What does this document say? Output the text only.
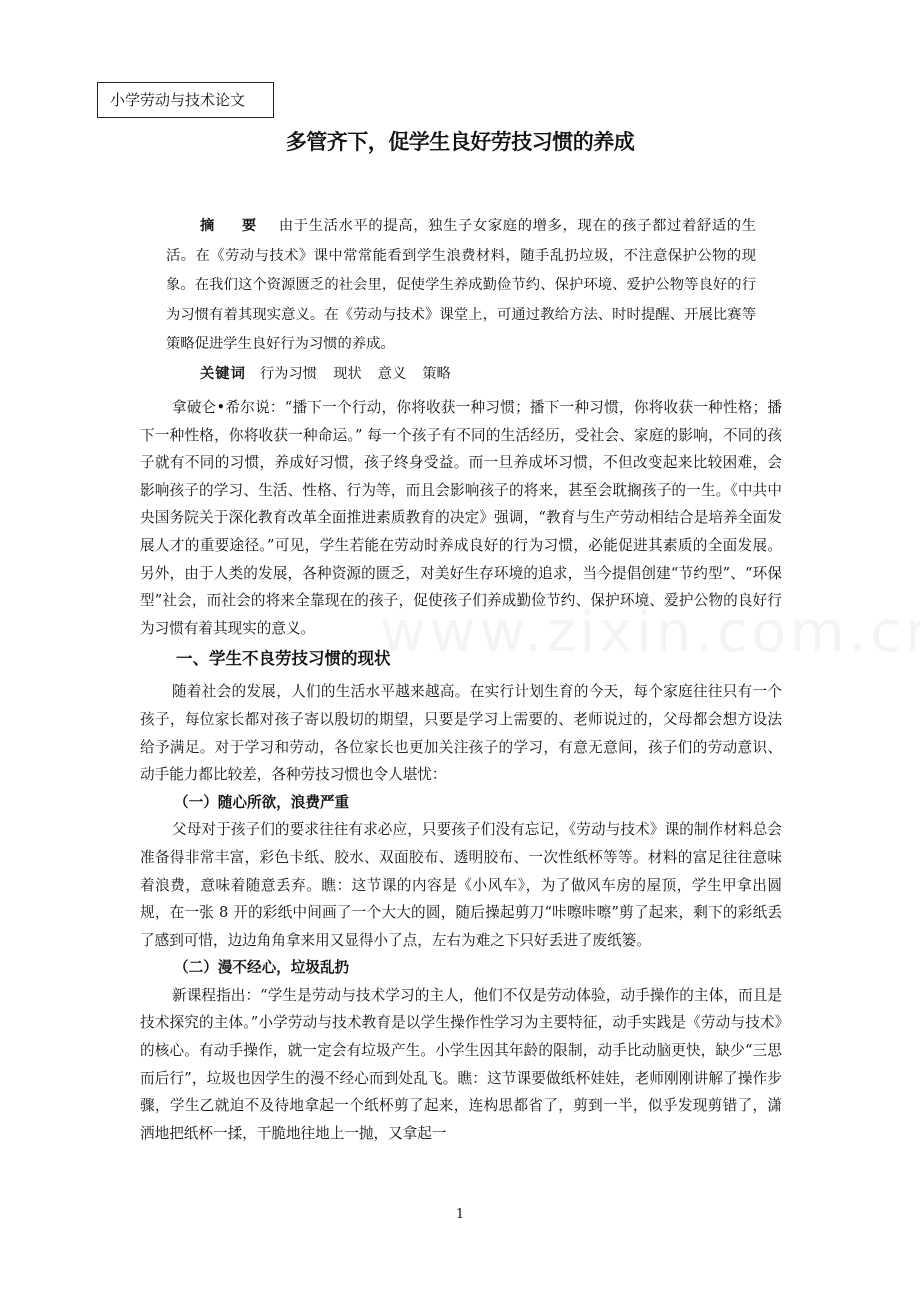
小学劳动与技术论文
多管齐下，促学生良好劳技习惯的养成

摘　要 由于生活水平的提高，独生子女家庭的增多，现在的孩子都过着舒适的生活。在《劳动与技术》课中常常能看到学生浪费材料，随手乱扔垃圾，不注意保护公物的现象。在我们这个资源匮乏的社会里，促使学生养成勤俭节约、保护环境、爱护公物等良好的行为习惯有着其现实意义。在《劳动与技术》课堂上，可通过教给方法、时时提醒、开展比赛等策略促进学生良好行为习惯的养成。

关键词 行为习惯 现状 意义 策略

拿破仑•希尔说：“播下一个行动，你将收获一种习惯；播下一种习惯，你将收获一种性格；播下一种性格，你将收获一种命运。” 每一个孩子有不同的生活经历，受社会、家庭的影响，不同的孩子就有不同的习惯，养成好习惯，孩子终身受益。而一旦养成坏习惯，不但改变起来比较困难，会影响孩子的学习、生活、性格、行为等，而且会影响孩子的将来，甚至会耽搁孩子的一生。《中共中央国务院关于深化教育改革全面推进素质教育的决定》强调，“教育与生产劳动相结合是培养全面发展人才的重要途径。”可见，学生若能在劳动时养成良好的行为习惯，必能促进其素质的全面发展。另外，由于人类的发展，各种资源的匮乏，对美好生存环境的追求，当今提倡创建“节约型”、“环保型”社会，而社会的将来全靠现在的孩子，促使孩子们养成勤俭节约、保护环境、爱护公物的良好行为习惯有着其现实的意义。

一、学生不良劳技习惯的现状

随着社会的发展，人们的生活水平越来越高。在实行计划生育的今天，每个家庭往往只有一个孩子，每位家长都对孩子寄以殷切的期望，只要是学习上需要的、老师说过的，父母都会想方设法给予满足。对于学习和劳动，各位家长也更加关注孩子的学习，有意无意间，孩子们的劳动意识、动手能力都比较差，各种劳技习惯也令人堪忧：

（一）随心所欲，浪费严重

父母对于孩子们的要求往往有求必应，只要孩子们没有忘记，《劳动与技术》课的制作材料总会准备得非常丰富，彩色卡纸、胶水、双面胶布、透明胶布、一次性纸杯等等。材料的富足往往意味着浪费，意味着随意丢弃。瞧：这节课的内容是《小风车》，为了做风车房的屋顶，学生甲拿出圆规，在一张 8 开的彩纸中间画了一个大大的圆，随后操起剪刀“咔嚓咔嚓”剪了起来，剩下的彩纸丢了感到可惜，边边角角拿来用又显得小了点，左右为难之下只好丢进了废纸篓。

（二）漫不经心，垃圾乱扔

新课程指出：“学生是劳动与技术学习的主人，他们不仅是劳动体验，动手操作的主体，而且是技术探究的主体。”小学劳动与技术教育是以学生操作性学习为主要特征，动手实践是《劳动与技术》的核心。有动手操作，就一定会有垃圾产生。小学生因其年龄的限制，动手比动脑更快，缺少“三思而后行”，垃圾也因学生的漫不经心而到处乱飞。瞧：这节课要做纸杯娃娃，老师刚刚讲解了操作步骤，学生乙就迫不及待地拿起一个纸杯剪了起来，连构思都省了，剪到一半，似乎发现剪错了，潇洒地把纸杯一揉，干脆地往地上一抛，又拿起一

1
